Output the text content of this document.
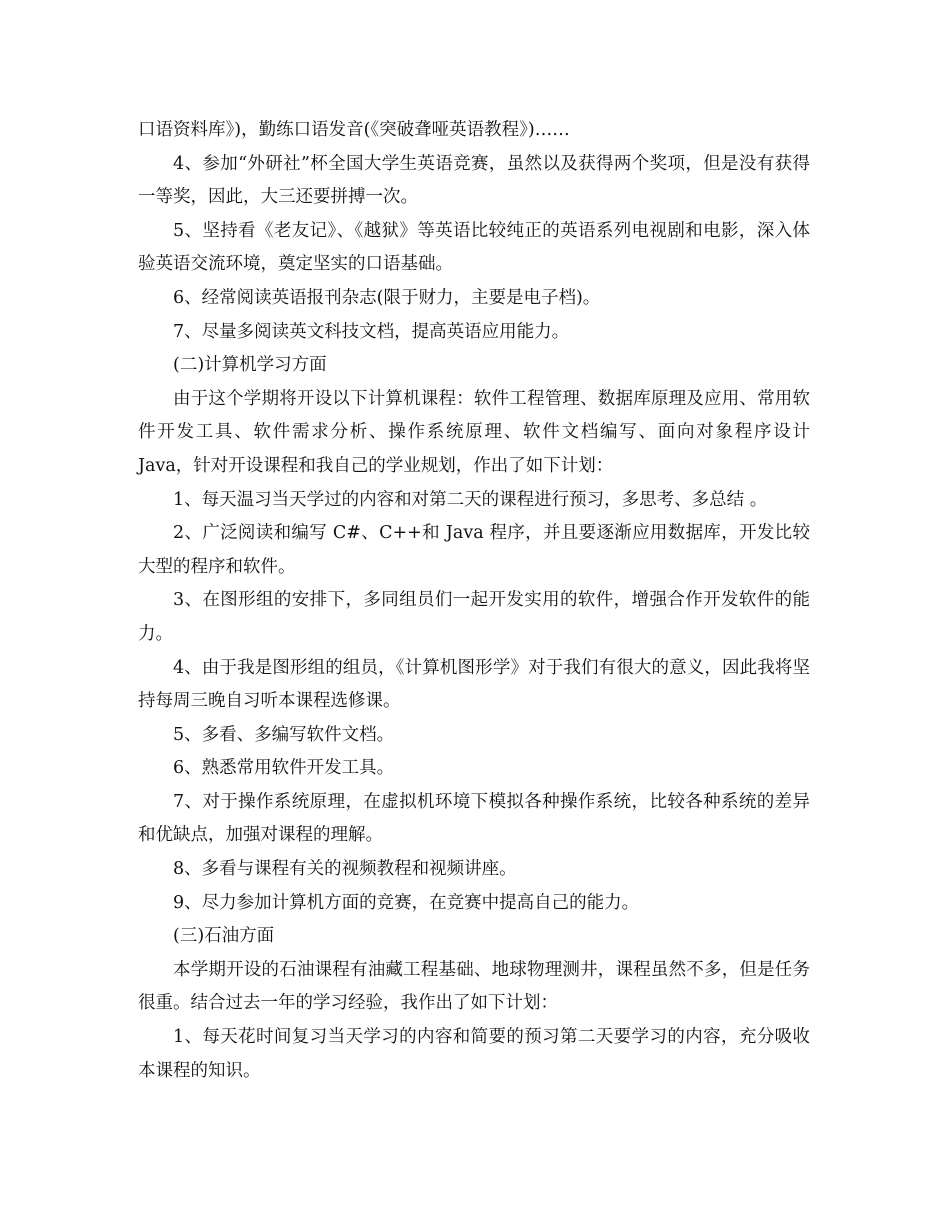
口语资料库》)，勤练口语发音(《突破聋哑英语教程》)……

4、参加“外研社”杯全国大学生英语竞赛，虽然以及获得两个奖项，但是没有获得一等奖，因此，大三还要拼搏一次。

5、坚持看《老友记》、《越狱》等英语比较纯正的英语系列电视剧和电影，深入体验英语交流环境，奠定坚实的口语基础。

6、经常阅读英语报刊杂志(限于财力，主要是电子档)。

7、尽量多阅读英文科技文档，提高英语应用能力。

(二)计算机学习方面

由于这个学期将开设以下计算机课程：软件工程管理、数据库原理及应用、常用软件开发工具、软件需求分析、操作系统原理、软件文档编写、面向对象程序设计 Java，针对开设课程和我自己的学业规划，作出了如下计划：

1、每天温习当天学过的内容和对第二天的课程进行预习，多思考、多总结 。

2、广泛阅读和编写 C#、C++和 Java 程序，并且要逐渐应用数据库，开发比较大型的程序和软件。

3、在图形组的安排下，多同组员们一起开发实用的软件，增强合作开发软件的能力。

4、由于我是图形组的组员，《计算机图形学》对于我们有很大的意义，因此我将坚持每周三晚自习听本课程选修课。

5、多看、多编写软件文档。

6、熟悉常用软件开发工具。

7、对于操作系统原理，在虚拟机环境下模拟各种操作系统，比较各种系统的差异和优缺点，加强对课程的理解。

8、多看与课程有关的视频教程和视频讲座。

9、尽力参加计算机方面的竞赛，在竞赛中提高自己的能力。

(三)石油方面

本学期开设的石油课程有油藏工程基础、地球物理测井，课程虽然不多，但是任务很重。结合过去一年的学习经验，我作出了如下计划：

1、每天花时间复习当天学习的内容和简要的预习第二天要学习的内容，充分吸收本课程的知识。
